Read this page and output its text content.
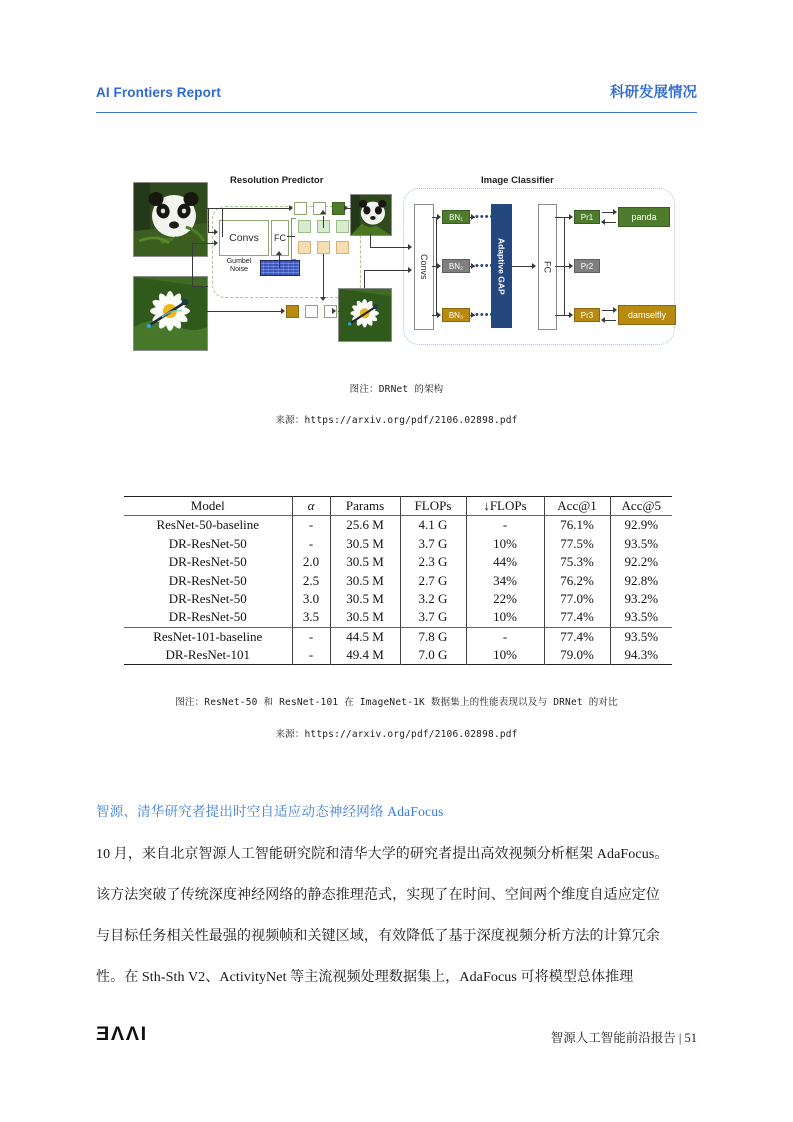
AI Frontiers Report	科研发展情况
Resolution Predictor	Image Classifier
Convs	FC
Gumbel
Noise	Convs	Adaptive GAP	FC
BN₁
BN₂
BN₃
Pr1
Pr2
Pr3
panda
damselfly
••••
••••
••••
图注：DRNet 的架构
来源：https://arxiv.org/pdf/2106.02898.pdf
Model	α	Params	FLOPs	↓FLOPs	Acc@1	Acc@5
ResNet-50-baseline	-	25.6 M	4.1 G	-	76.1%	92.9%
DR-ResNet-50	-	30.5 M	3.7 G	10%	77.5%	93.5%
DR-ResNet-50	2.0	30.5 M	2.3 G	44%	75.3%	92.2%
DR-ResNet-50	2.5	30.5 M	2.7 G	34%	76.2%	92.8%
DR-ResNet-50	3.0	30.5 M	3.2 G	22%	77.0%	93.2%
DR-ResNet-50	3.5	30.5 M	3.7 G	10%	77.4%	93.5%
ResNet-101-baseline	-	44.5 M	7.8 G	-	77.4%	93.5%
DR-ResNet-101	-	49.4 M	7.0 G	10%	79.0%	94.3%
图注：ResNet-50 和 ResNet-101 在 ImageNet-1K 数据集上的性能表现以及与 DRNet 的对比
来源：https://arxiv.org/pdf/2106.02898.pdf
智源、清华研究者提出时空自适应动态神经网络 AdaFocus
10 月，来自北京智源人工智能研究院和清华大学的研究者提出高效视频分析框架 AdaFocus。
该方法突破了传统深度神经网络的静态推理范式，实现了在时间、空间两个维度自适应定位
与目标任务相关性最强的视频帧和关键区域，有效降低了基于深度视频分析方法的计算冗余
性。在 Sth-Sth V2、ActivityNet 等主流视频处理数据集上，AdaFocus 可将模型总体推理
ƎΛΛI	智源人工智能前沿报告 | 51
